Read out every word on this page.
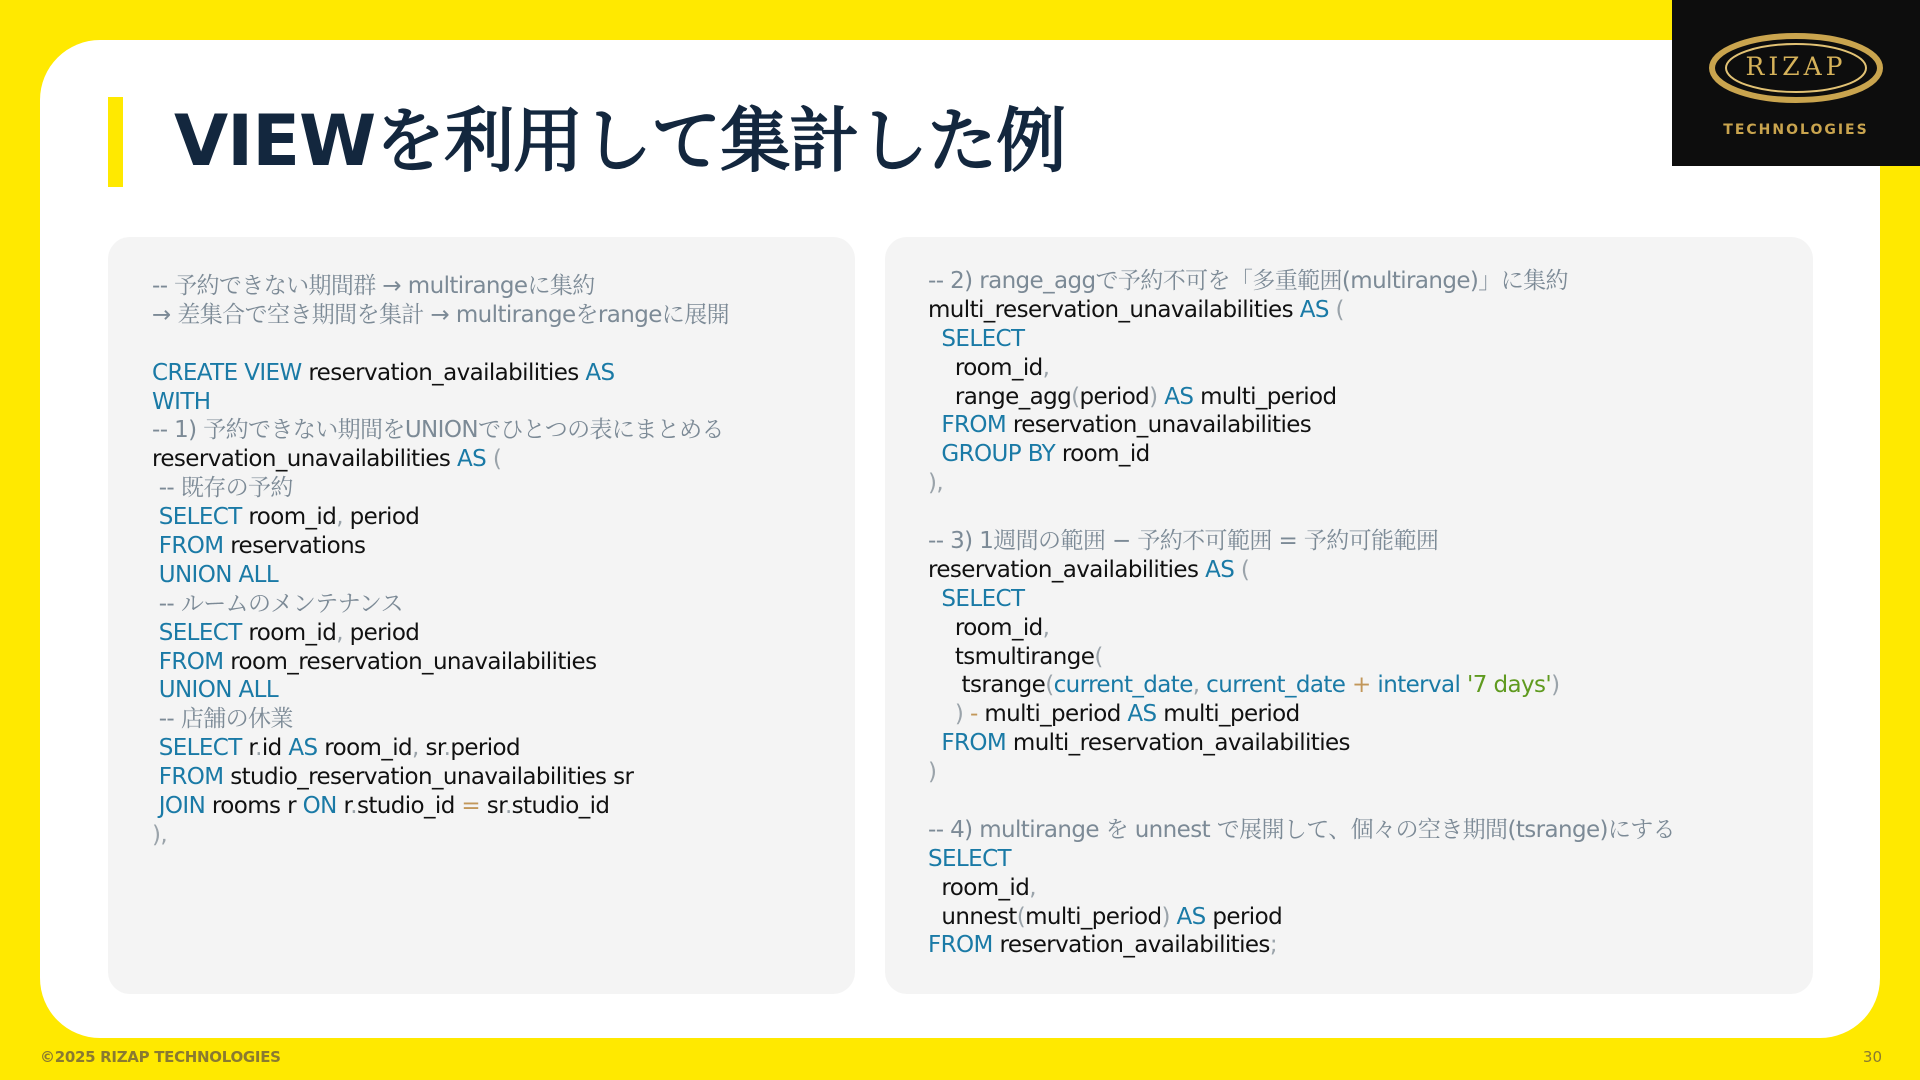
RIZAP
TECHNOLOGIES
VIEWを利用して集計した例
-- 予約できない期間群 → multirangeに集約
→ 差集合で空き期間を集計 → multirangeをrangeに展開
CREATE VIEW reservation_availabilities AS
WITH
-- 1) 予約できない期間をUNIONでひとつの表にまとめる
reservation_unavailabilities AS (
-- 既存の予約
SELECT room_id, period
FROM reservations
UNION ALL
-- ルームのメンテナンス
SELECT room_id, period
FROM room_reservation_unavailabilities
UNION ALL
-- 店舗の休業
SELECT r.id AS room_id, sr.period
FROM studio_reservation_unavailabilities sr
JOIN rooms r ON r.studio_id = sr.studio_id
),
-- 2) range_aggで予約不可を「多重範囲(multirange)」に集約
multi_reservation_unavailabilities AS (
SELECT
room_id,
range_agg(period) AS multi_period
FROM reservation_unavailabilities
GROUP BY room_id
),
-- 3) 1週間の範囲 − 予約不可範囲 = 予約可能範囲
reservation_availabilities AS (
SELECT
room_id,
tsmultirange(
tsrange(current_date, current_date + interval '7 days')
) - multi_period AS multi_period
FROM multi_reservation_availabilities
)
-- 4) multirange を unnest で展開して、個々の空き期間(tsrange)にする
SELECT
room_id,
unnest(multi_period) AS period
FROM reservation_availabilities;
©2025 RIZAP TECHNOLOGIES	30
